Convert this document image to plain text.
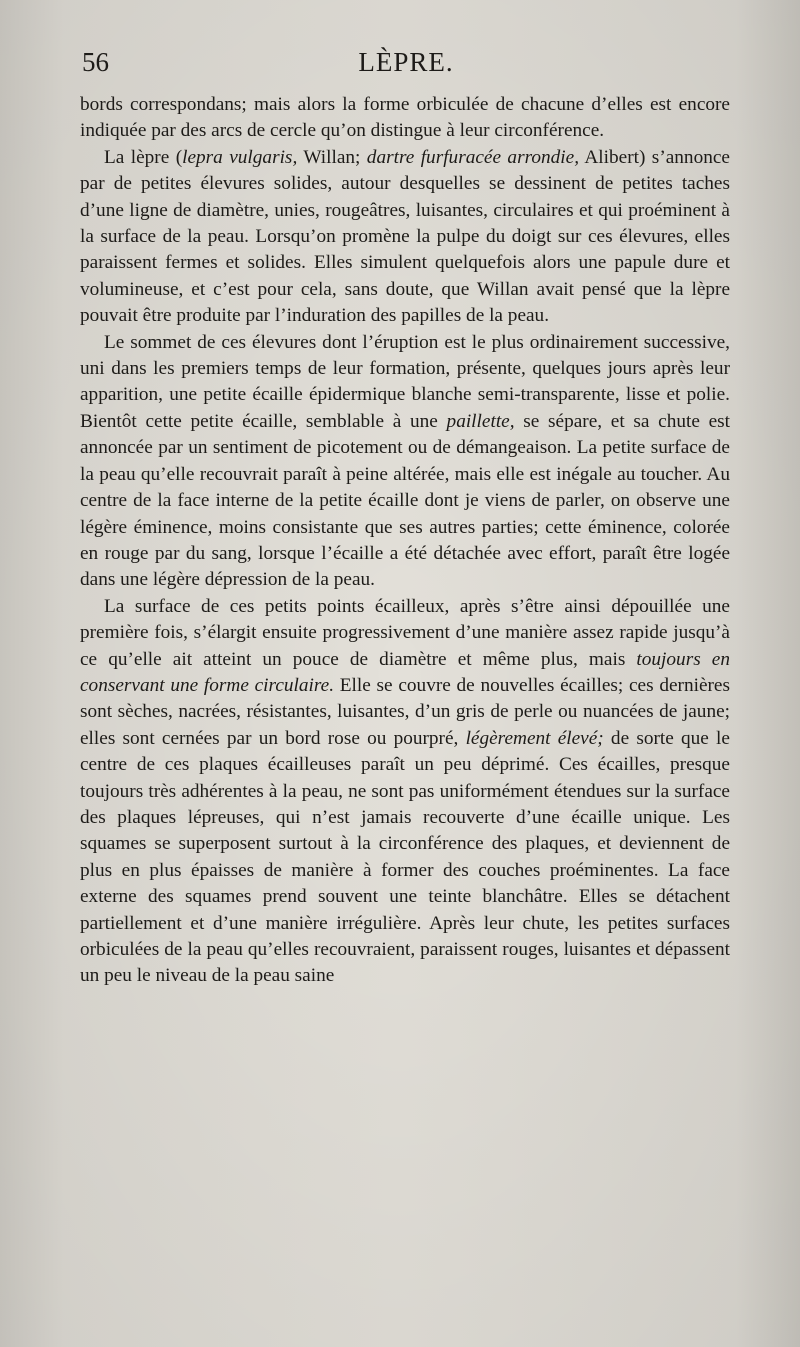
56	LÈPRE.

bords correspondans; mais alors la forme orbiculée de chacune d’elles est encore indiquée par des arcs de cercle qu’on distingue à leur circonférence.

La lèpre (lepra vulgaris, Willan; dartre furfuracée arrondie, Alibert) s’annonce par de petites élevures solides, autour desquelles se dessinent de petites taches d’une ligne de diamètre, unies, rougeâtres, luisantes, circulaires et qui proéminent à la surface de la peau. Lorsqu’on promène la pulpe du doigt sur ces élevures, elles paraissent fermes et solides. Elles simulent quelquefois alors une papule dure et volumineuse, et c’est pour cela, sans doute, que Willan avait pensé que la lèpre pouvait être produite par l’induration des papilles de la peau.

Le sommet de ces élevures dont l’éruption est le plus ordinairement successive, uni dans les premiers temps de leur formation, présente, quelques jours après leur apparition, une petite écaille épidermique blanche semi-transparente, lisse et polie. Bientôt cette petite écaille, semblable à une paillette, se sépare, et sa chute est annoncée par un sentiment de picotement ou de démangeaison. La petite surface de la peau qu’elle recouvrait paraît à peine altérée, mais elle est inégale au toucher. Au centre de la face interne de la petite écaille dont je viens de parler, on observe une légère éminence, moins consistante que ses autres parties; cette éminence, colorée en rouge par du sang, lorsque l’écaille a été détachée avec effort, paraît être logée dans une légère dépression de la peau.

La surface de ces petits points écailleux, après s’être ainsi dépouillée une première fois, s’élargit ensuite progressivement d’une manière assez rapide jusqu’à ce qu’elle ait atteint un pouce de diamètre et même plus, mais toujours en conservant une forme circulaire. Elle se couvre de nouvelles écailles; ces dernières sont sèches, nacrées, résistantes, luisantes, d’un gris de perle ou nuancées de jaune; elles sont cernées par un bord rose ou pourpré, légèrement élevé; de sorte que le centre de ces plaques écailleuses paraît un peu déprimé. Ces écailles, presque toujours très adhérentes à la peau, ne sont pas uniformément étendues sur la surface des plaques lépreuses, qui n’est jamais recouverte d’une écaille unique. Les squames se superposent surtout à la circonférence des plaques, et deviennent de plus en plus épaisses de manière à former des couches proéminentes. La face externe des squames prend souvent une teinte blanchâtre. Elles se détachent partiellement et d’une manière irrégulière. Après leur chute, les petites surfaces orbiculées de la peau qu’elles recouvraient, paraissent rouges, luisantes et dépassent un peu le niveau de la peau saine
